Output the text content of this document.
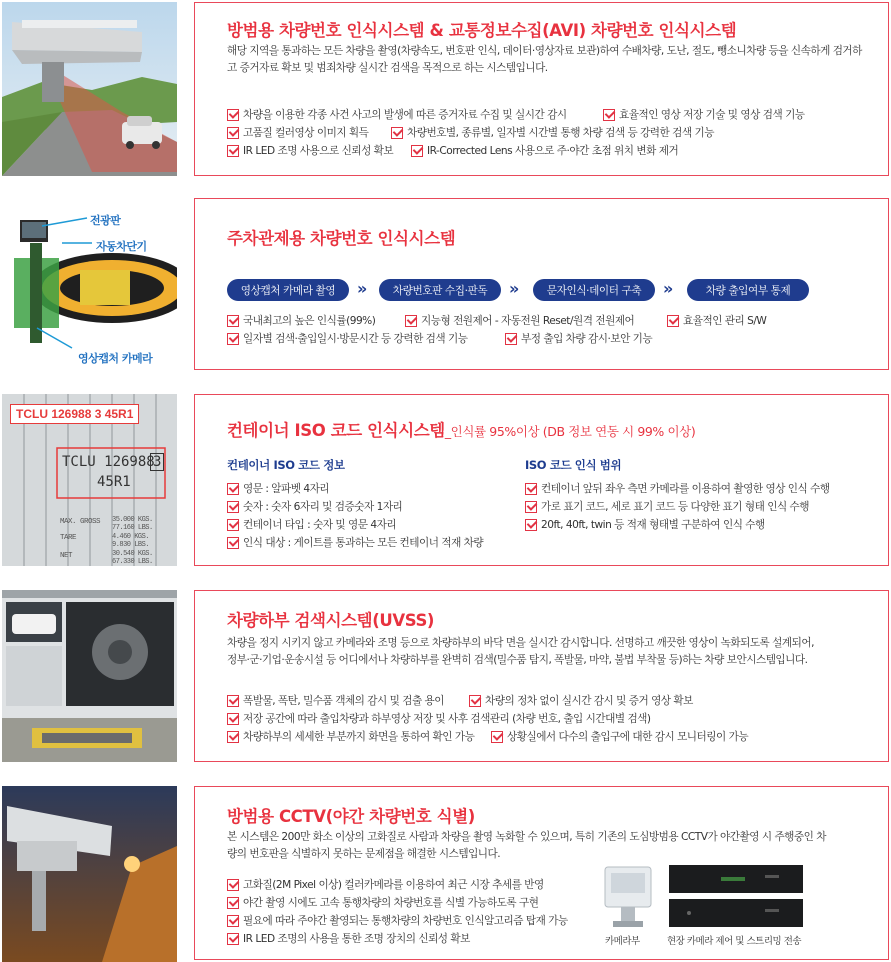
방범용 차량번호 인식시스템 & 교통정보수집(AVI) 차량번호 인식시스템

해당 지역을 통과하는 모든 차량을 촬영(차량속도, 번호판 인식, 데이터·영상자료 보관)하여 수배차량, 도난, 절도, 뺑소니차량 등을 신속하게 검거하고 증거자료 확보 및 범죄차량 실시간 검색을 목적으로 하는 시스템입니다.

차량을 이용한 각종 사건 사고의 발생에 따른 증거자료 수집 및 실시간 감시	효율적인 영상 저장 기술 및 영상 검색 기능
고품질 컬러영상 이미지 획득	차량번호별, 종류별, 일자별 시간별 통행 차량 검색 등 강력한 검색 기능
IR LED 조명 사용으로 신뢰성 확보	IR-Corrected Lens 사용으로 주·야간 초점 위치 변화 제거
전광판
자동차단기
영상캡처 카메라
주차관제용 차량번호 인식시스템
영상캡처 카메라 촬영	»	차량번호판 수집·판독	»	문자인식·데이터 구축	»	차량 출입여부 통제
국내최고의 높은 인식률(99%)	지능형 전원제어 - 자동전원 Reset/원격 전원제어	효율적인 관리 S/W
일자별 검색·출입일시·방문시간 등 강력한 검색 기능	부정 출입 차량 감시·보안 기능
TCLU 126988 3 45R1
TCLU 126988
3
45R1
MAX. GROSS
TARE
NET
35.000 KGS.
77.160 LBS.
4.460 KGS.
9.830 LBS.
30.540 KGS.
67.330 LBS.
컨테이너 ISO 코드 인식시스템_인식률 95%이상 (DB 정보 연동 시 99% 이상)
컨테이너 ISO 코드 정보	ISO 코드 인식 범위
영문 : 알파벳 4자리
숫자 : 숫자 6자리 및 검증숫자 1자리
컨테이너 타입 : 숫자 및 영문 4자리
인식 대상 : 게이트를 통과하는 모든 컨테이너 적재 차량
컨테이너 앞뒤 좌우 측면 카메라를 이용하여 촬영한 영상 인식 수행
가로 표기 코드, 세로 표기 코드 등 다양한 표기 형태 인식 수행
20ft, 40ft, twin 등 적재 형태별 구분하여 인식 수행
차량하부 검색시스템(UVSS)

차량을 정지 시키지 않고 카메라와 조명 등으로 차량하부의 바닥 면을 실시간 감시합니다. 선명하고 깨끗한 영상이 녹화되도록 설계되어, 정부·군·기업·운송시설 등 어디에서나 차량하부를 완벽히 검색(밀수품 탐지, 폭발물, 마약, 불법 부착물 등)하는 차량 보안시스템입니다.

폭발물, 폭탄, 밀수품 객체의 감시 및 검출 용이	차량의 정차 없이 실시간 감시 및 증거 영상 확보
저장 공간에 따라 출입차량과 하부영상 저장 및 사후 검색관리 (차량 번호, 출입 시간대별 검색)
차량하부의 세세한 부분까지 화면을 통하여 확인 가능	상황실에서 다수의 출입구에 대한 감시 모니터링이 가능
방범용 CCTV(야간 차량번호 식별)

본 시스템은 200만 화소 이상의 고화질로 사람과 차량을 촬영 녹화할 수 있으며, 특히 기존의 도심방범용 CCTV가 야간촬영 시 주행중인 차량의 번호판을 식별하지 못하는 문제점을 해결한 시스템입니다.

고화질(2M Pixel 이상) 컬러카메라를 이용하여 최근 시장 추세를 반영
야간 촬영 시에도 고속 통행차량의 차량번호를 식별 가능하도록 구현
필요에 따라 주야간 촬영되는 통행차량의 차량번호 인식알고리즘 탑재 가능
IR LED 조명의 사용을 통한 조명 장치의 신뢰성 확보	카메라부	현장 카메라 제어 및 스트리밍 전송
